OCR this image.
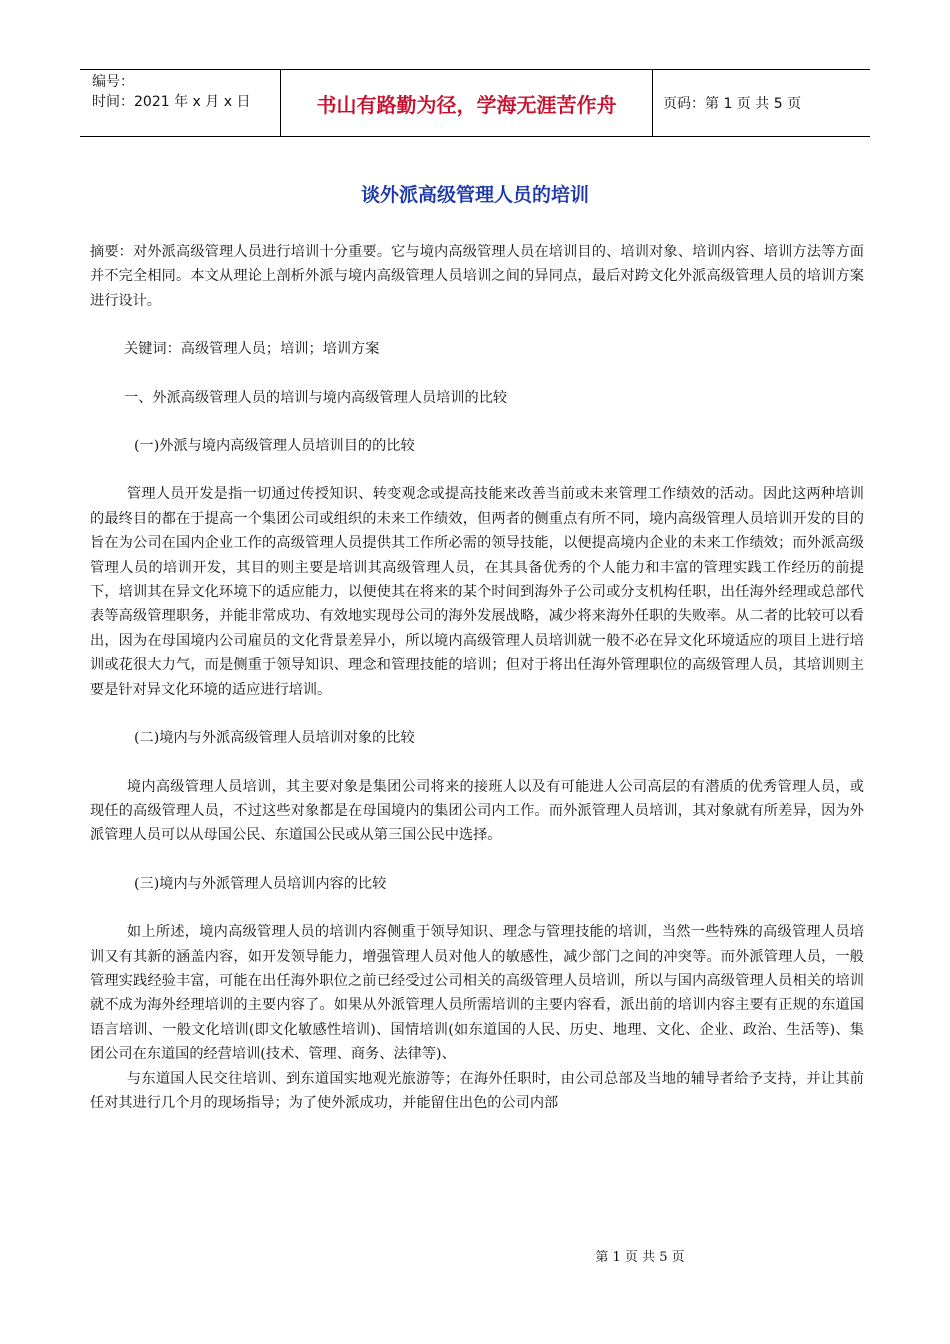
编号：
时间：2021 年 x 月 x 日	书山有路勤为径，学海无涯苦作舟	页码：第 1 页 共 5 页
谈外派高级管理人员的培训

摘要：对外派高级管理人员进行培训十分重要。它与境内高级管理人员在培训目的、培训对象、培训内容、培训方法等方面并不完全相同。本文从理论上剖析外派与境内高级管理人员培训之间的异同点，最后对跨文化外派高级管理人员的培训方案进行设计。

关键词：高级管理人员；培训；培训方案

一、外派高级管理人员的培训与境内高级管理人员培训的比较

(一)外派与境内高级管理人员培训目的的比较

管理人员开发是指一切通过传授知识、转变观念或提高技能来改善当前或未来管理工作绩效的活动。因此这两种培训的最终目的都在于提高一个集团公司或组织的未来工作绩效，但两者的侧重点有所不同，境内高级管理人员培训开发的目的旨在为公司在国内企业工作的高级管理人员提供其工作所必需的领导技能，以便提高境内企业的未来工作绩效；而外派高级管理人员的培训开发，其目的则主要是培训其高级管理人员，在其具备优秀的个人能力和丰富的管理实践工作经历的前提下，培训其在异文化环境下的适应能力，以便使其在将来的某个时间到海外子公司或分支机构任职，出任海外经理或总部代表等高级管理职务，并能非常成功、有效地实现母公司的海外发展战略，减少将来海外任职的失败率。从二者的比较可以看出，因为在母国境内公司雇员的文化背景差异小，所以境内高级管理人员培训就一般不必在异文化环境适应的项目上进行培训或花很大力气，而是侧重于领导知识、理念和管理技能的培训；但对于将出任海外管理职位的高级管理人员，其培训则主要是针对异文化环境的适应进行培训。

(二)境内与外派高级管理人员培训对象的比较

境内高级管理人员培训，其主要对象是集团公司将来的接班人以及有可能进人公司高层的有潜质的优秀管理人员，或现任的高级管理人员，不过这些对象都是在母国境内的集团公司内工作。而外派管理人员培训，其对象就有所差异，因为外派管理人员可以从母国公民、东道国公民或从第三国公民中选择。

(三)境内与外派管理人员培训内容的比较

如上所述，境内高级管理人员的培训内容侧重于领导知识、理念与管理技能的培训，当然一些特殊的高级管理人员培训又有其新的涵盖内容，如开发领导能力，增强管理人员对他人的敏感性，减少部门之间的冲突等。而外派管理人员，一般管理实践经验丰富，可能在出任海外职位之前已经受过公司相关的高级管理人员培训，所以与国内高级管理人员相关的培训就不成为海外经理培训的主要内容了。如果从外派管理人员所需培训的主要内容看，派出前的培训内容主要有正规的东道国语言培训、一般文化培训(即文化敏感性培训)、国情培训(如东道国的人民、历史、地理、文化、企业、政治、生活等)、集团公司在东道国的经营培训(技术、管理、商务、法律等)、

与东道国人民交往培训、到东道国实地观光旅游等；在海外任职时，由公司总部及当地的辅导者给予支持，并让其前任对其进行几个月的现场指导；为了使外派成功，并能留住出色的公司内部

第 1 页 共 5 页
